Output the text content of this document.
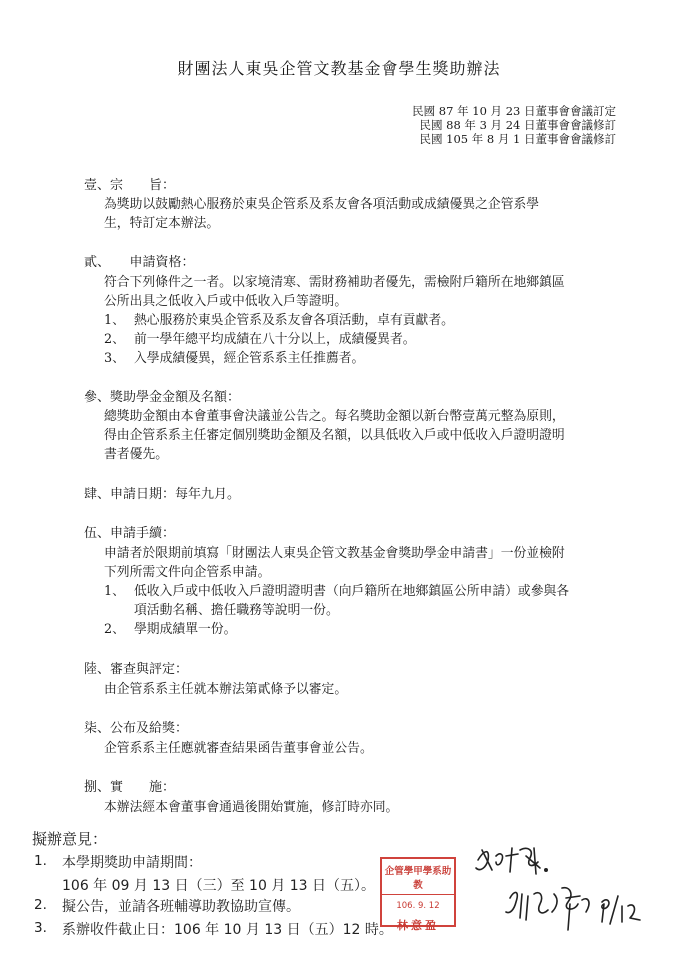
財團法人東吳企管文教基金會學生獎助辦法
民國 87 年 10 月 23 日董事會會議訂定
民國 88 年 3 月 24 日董事會會議修訂
民國 105 年 8 月 1 日董事會會議修訂
壹、宗　　旨：
為獎助以鼓勵熱心服務於東吳企管系及系友會各項活動或成績優異之企管系學
生，特訂定本辦法。
貳、　　申請資格：
符合下列條件之一者。以家境清寒、需財務補助者優先，需檢附戶籍所在地鄉鎮區
公所出具之低收入戶或中低收入戶等證明。
1、 熱心服務於東吳企管系及系友會各項活動，卓有貢獻者。
2、 前一學年總平均成績在八十分以上，成績優異者。
3、 入學成績優異，經企管系系主任推薦者。
參、獎助學金金額及名額：
總獎助金額由本會董事會決議並公告之。每名獎助金額以新台幣壹萬元整為原則，
得由企管系系主任審定個別獎助金額及名額，以具低收入戶或中低收入戶證明證明
書者優先。
肆、申請日期：每年九月。
伍、申請手續：
申請者於限期前填寫「財團法人東吳企管文教基金會獎助學金申請書」一份並檢附
下列所需文件向企管系申請。
1、 低收入戶或中低收入戶證明證明書（向戶籍所在地鄉鎮區公所申請）或參與各
項活動名稱、擔任職務等說明一份。
2、 學期成績單一份。
陸、審查與評定：
由企管系系主任就本辦法第貳條予以審定。
柒、公布及給獎：
企管系系主任應就審查結果函告董事會並公告。
捌、實　　施：
本辦法經本會董事會通過後開始實施，修訂時亦同。
擬辦意見：
1. 本學期獎助申請期間：
106 年 09 月 13 日（三）至 10 月 13 日（五）。
2. 擬公告，並請各班輔導助教協助宣傳。
3. 系辦收件截止日：106 年 10 月 13 日（五）12 時。
企管學甲學系助教
106. 9. 12
林意盈
